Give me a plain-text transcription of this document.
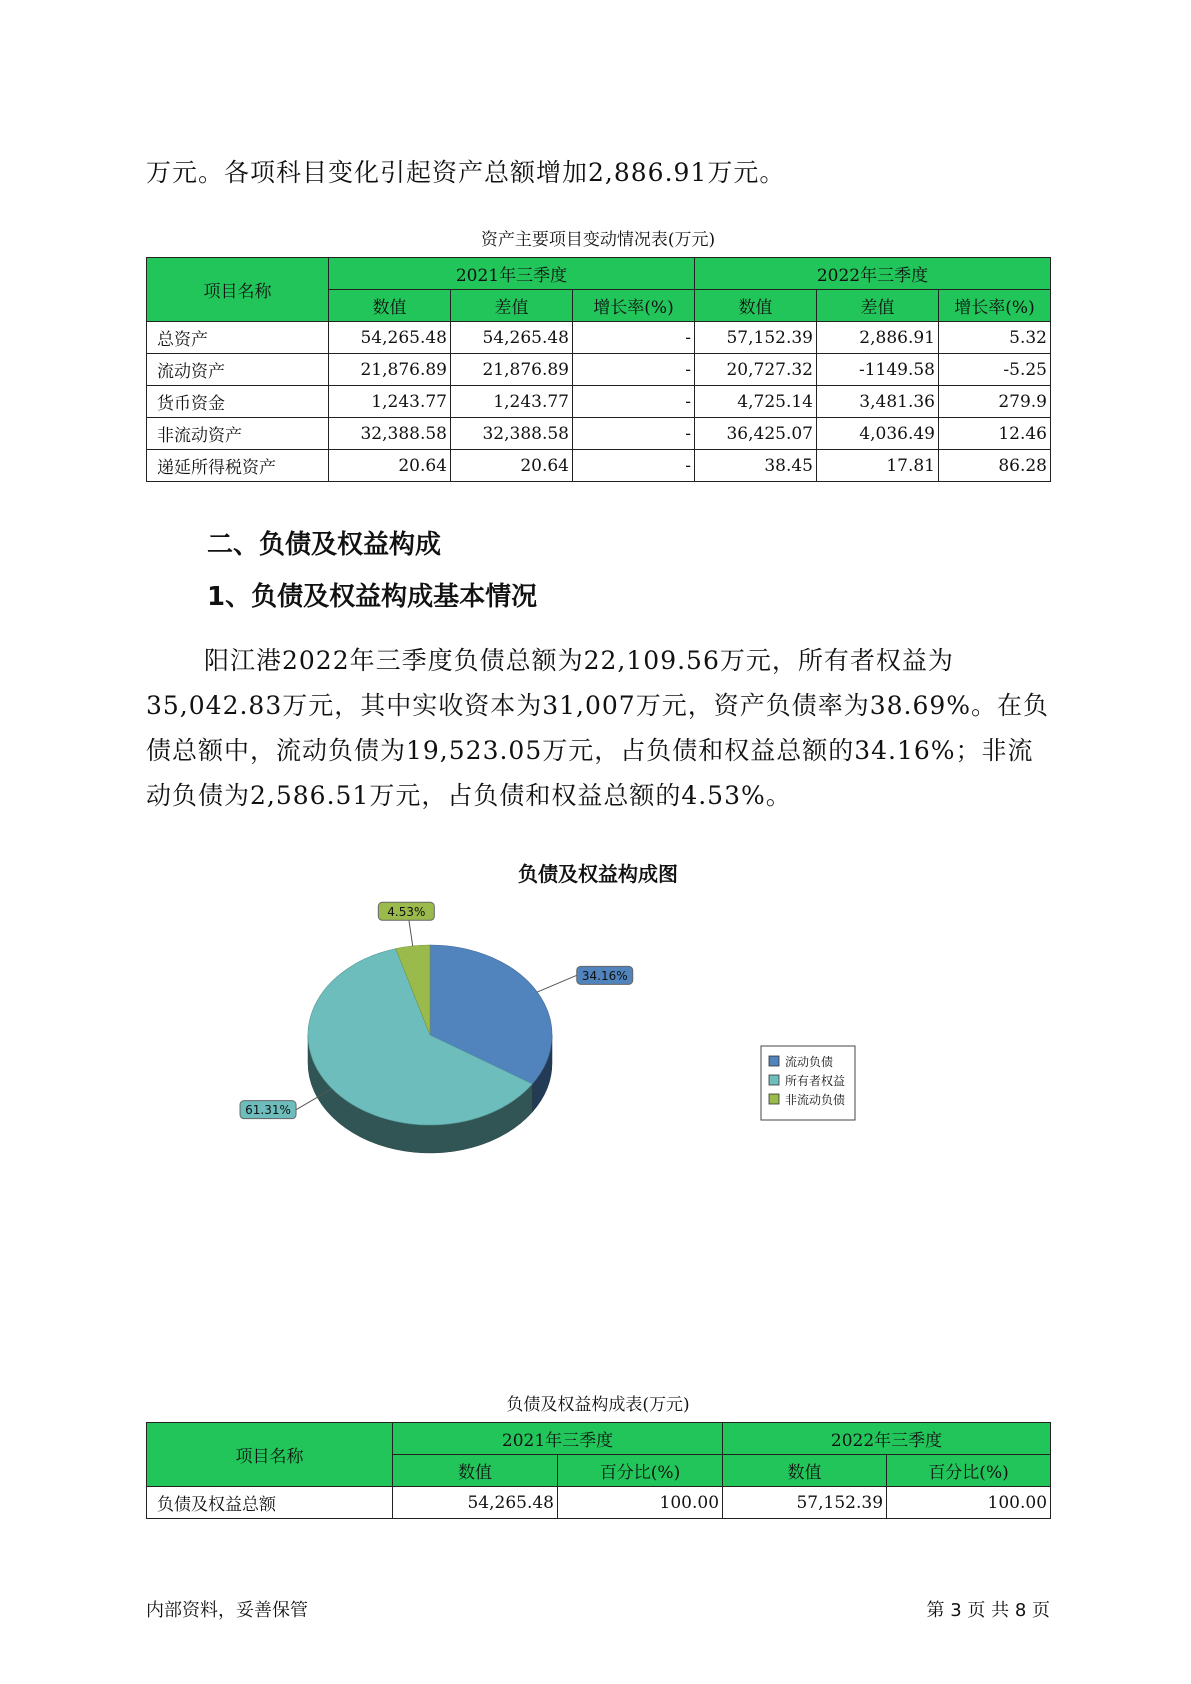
万元。各项科目变化引起资产总额增加2,886.91万元。

资产主要项目变动情况表(万元)
项目名称	2021年三季度			2022年三季度		
	数值	差值	增长率(%)	数值	差值	增长率(%)
总资产	54,265.48	54,265.48	-	57,152.39	2,886.91	5.32
流动资产	21,876.89	21,876.89	-	20,727.32	-1149.58	-5.25
货币资金	1,243.77	1,243.77	-	4,725.14	3,481.36	279.9
非流动资产	32,388.58	32,388.58	-	36,425.07	4,036.49	12.46
递延所得税资产	20.64	20.64	-	38.45	17.81	86.28
二、负债及权益构成
1、负债及权益构成基本情况

阳江港2022年三季度负债总额为22,109.56万元，所有者权益为35,042.83万元，其中实收资本为31,007万元，资产负债率为38.69%。在负债总额中，流动负债为19,523.05万元，占负债和权益总额的34.16%；非流动负债为2,586.51万元，占负债和权益总额的4.53%。

负债及权益构成图
34.16%
61.31%
4.53%
流动负债
所有者权益
非流动负债
负债及权益构成表(万元)
项目名称	2021年三季度		2022年三季度	
	数值	百分比(%)	数值	百分比(%)
负债及权益总额	54,265.48	100.00	57,152.39	100.00
内部资料，妥善保管	第 3 页 共 8 页
